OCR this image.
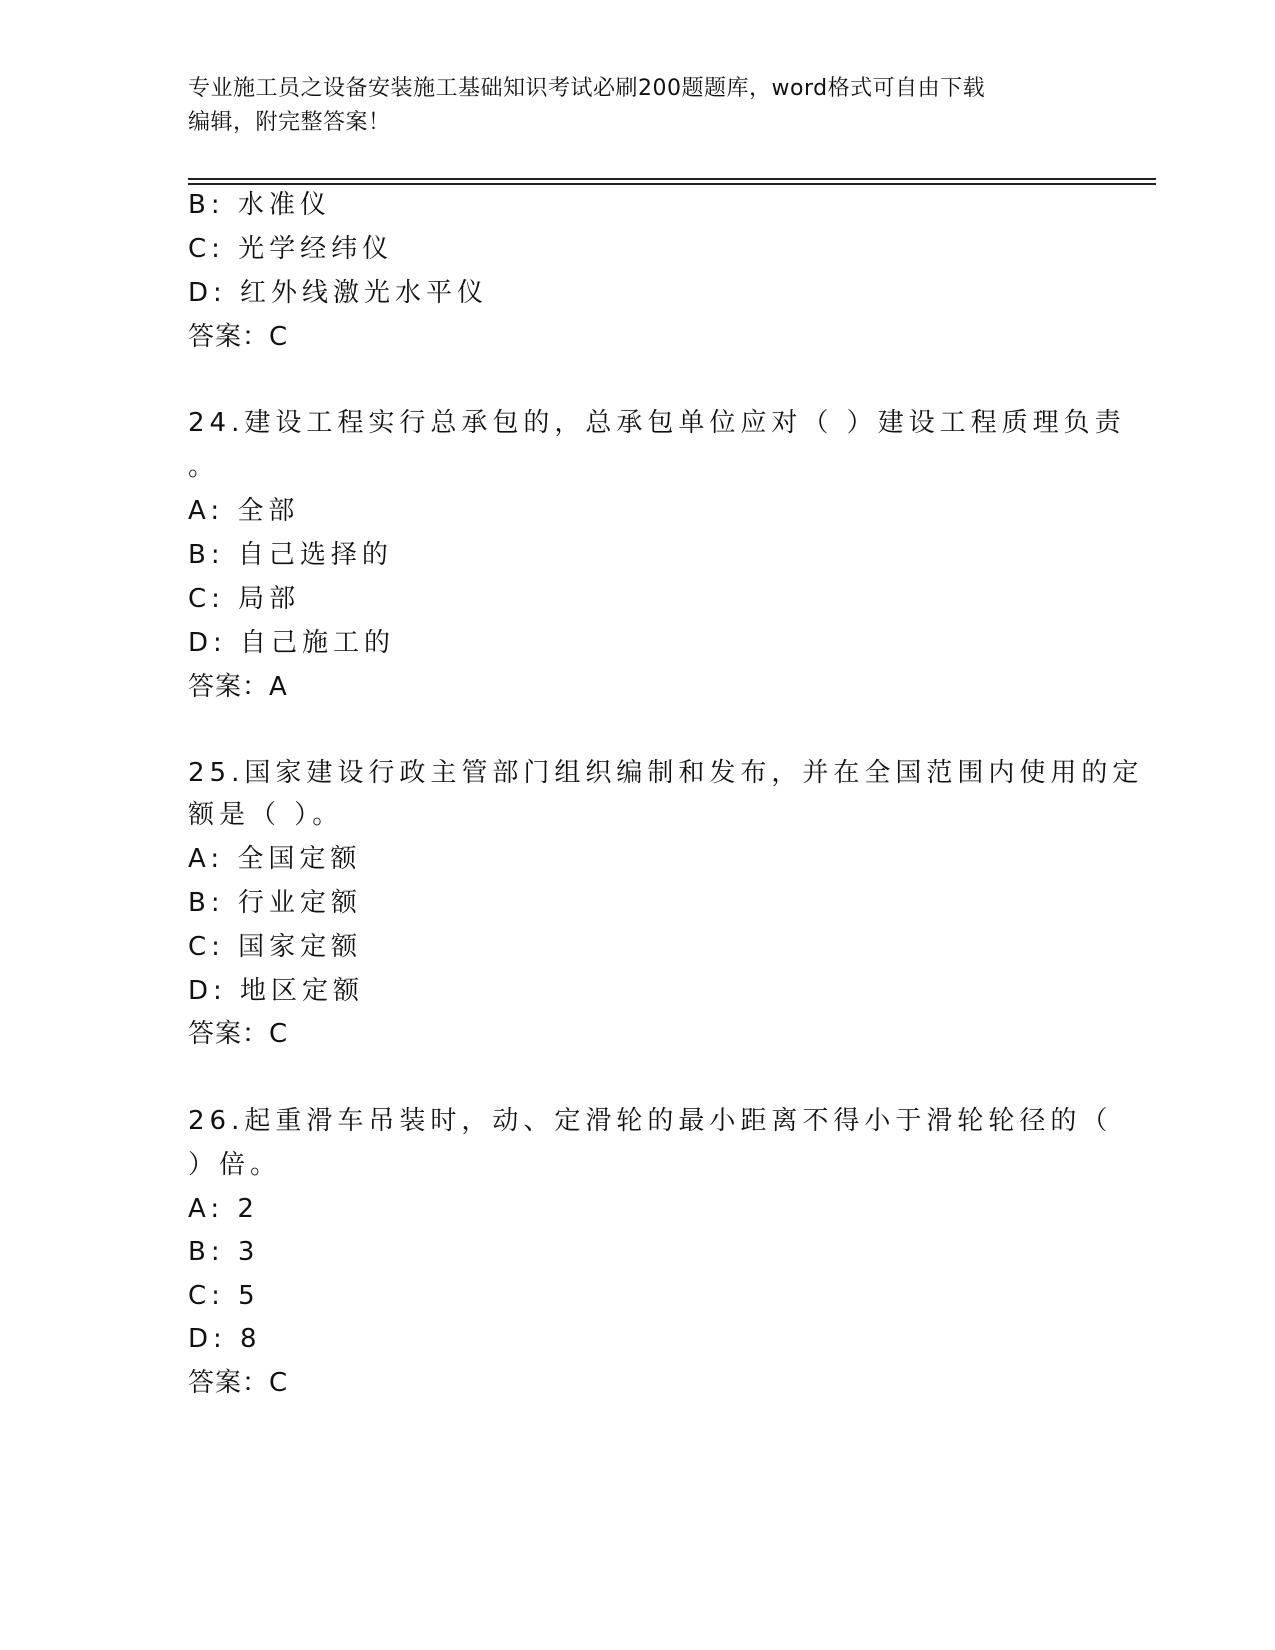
专业施工员之设备安装施工基础知识考试必刷200题题库，word格式可自由下载
编辑，附完整答案！
B: 水准仪
C: 光学经纬仪
D: 红外线激光水平仪
答案：C
24.建设工程实行总承包的，总承包单位应对（ ）建设工程质理负责
。
A: 全部
B: 自己选择的
C: 局部
D: 自己施工的
答案：A
25.国家建设行政主管部门组织编制和发布，并在全国范围内使用的定
额是（ ）。
A: 全国定额
B: 行业定额
C: 国家定额
D: 地区定额
答案：C
26.起重滑车吊装时，动、定滑轮的最小距离不得小于滑轮轮径的（
）倍。
A: 2
B: 3
C: 5
D: 8
答案：C
